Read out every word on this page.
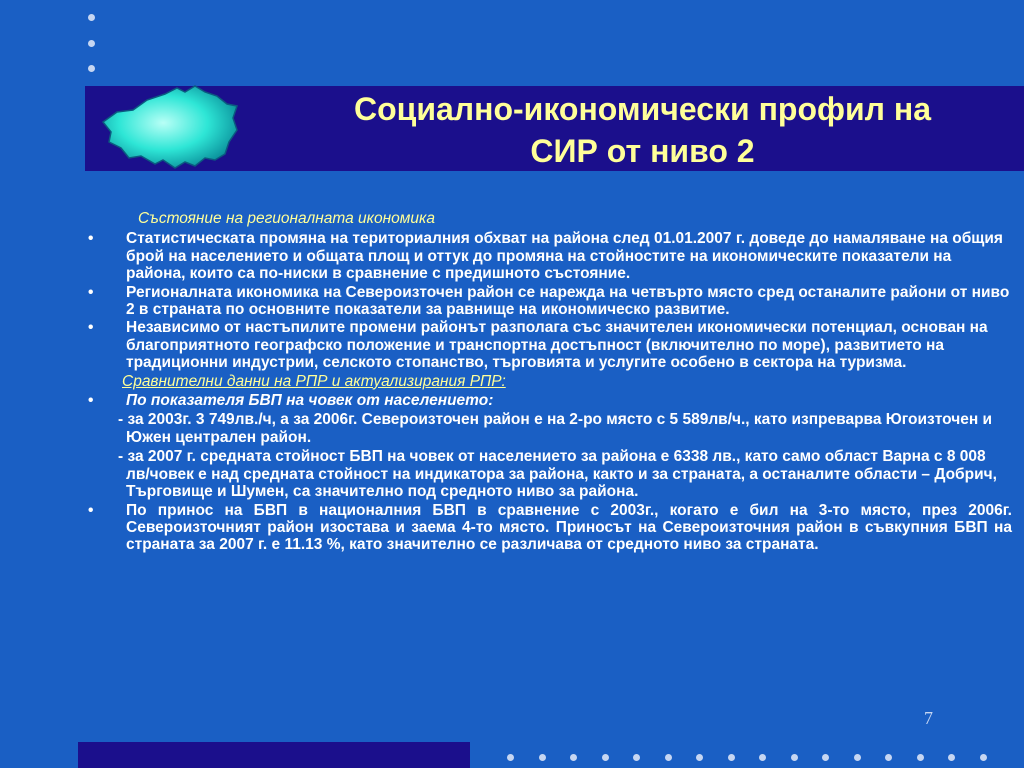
Социално-икономически профил на
СИР от ниво 2
Състояние на регионалната икономика
• Статистическата промяна на териториалния обхват на района след 01.01.2007 г. доведе до намаляване на общия брой на населението и общата площ и оттук до промяна на стойностите на икономическите показатели на района, които са по-ниски в сравнение с предишното състояние.
• Регионалната икономика на Североизточен район се нарежда на четвърто място сред останалите райони от ниво 2 в страната по основните показатели за равнище на икономическо развитие.
• Независимо от настъпилите промени районът разполага със значителен икономически потенциал, основан на благоприятното географско положение и транспортна достъпност (включително по море), развитието на традиционни индустрии, селското стопанство, търговията и услугите особено в сектора на туризма.
Сравнителни данни на РПР и актуализирания РПР:
• По показателя БВП на човек от населението:
- за 2003г. 3 749лв./ч, а за 2006г. Североизточен район е на 2-ро място с 5 589лв/ч., като изпреварва Югоизточен и Южен централен район.
- за 2007 г. средната стойност БВП на човек от населението за района е 6338 лв., като само област Варна с 8 008 лв/човек е над средната стойност на индикатора за района, както и за страната, а останалите области – Добрич, Търговище и Шумен, са значително под средното ниво за района.
• По принос на БВП в националния БВП в сравнение с 2003г., когато е бил на 3-то място, през 2006г. Североизточният район изостава и заема 4-то място. Приносът на Североизточния район в съвкупния БВП на страната за 2007 г. е 11.13 %, като значително се различава от средното ниво за страната.
7
